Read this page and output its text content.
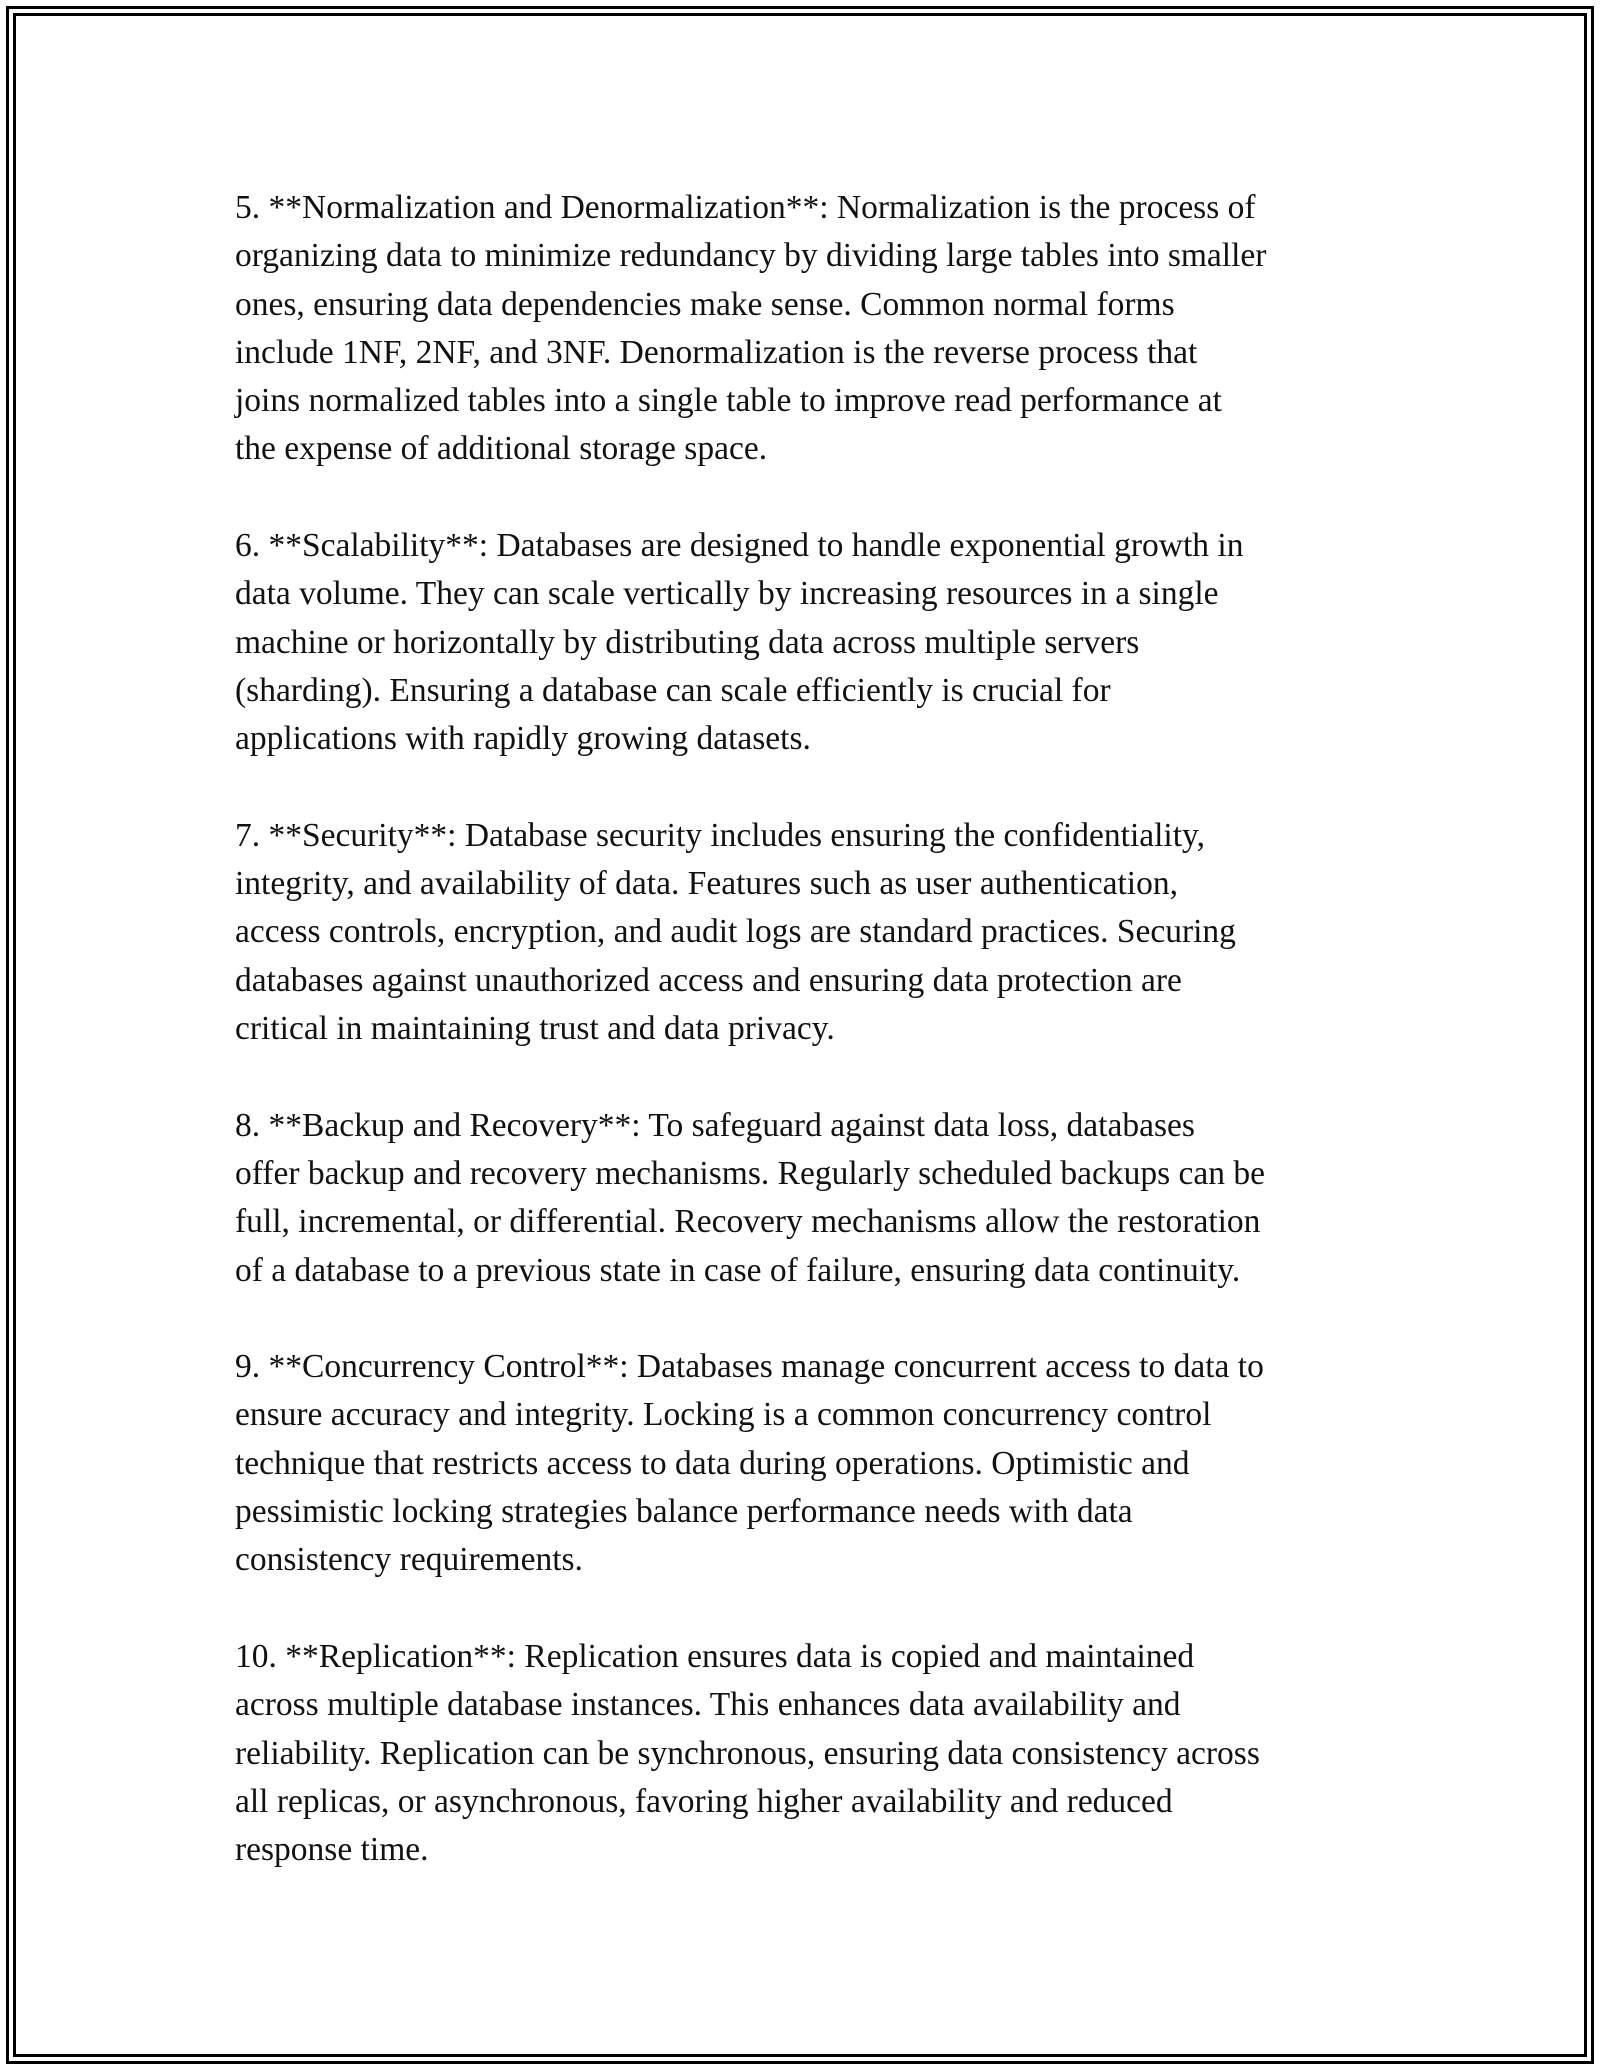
5. **Normalization and Denormalization**: Normalization is the process of
organizing data to minimize redundancy by dividing large tables into smaller
ones, ensuring data dependencies make sense. Common normal forms
include 1NF, 2NF, and 3NF. Denormalization is the reverse process that
joins normalized tables into a single table to improve read performance at
the expense of additional storage space.

6. **Scalability**: Databases are designed to handle exponential growth in
data volume. They can scale vertically by increasing resources in a single
machine or horizontally by distributing data across multiple servers
(sharding). Ensuring a database can scale efficiently is crucial for
applications with rapidly growing datasets.

7. **Security**: Database security includes ensuring the confidentiality,
integrity, and availability of data. Features such as user authentication,
access controls, encryption, and audit logs are standard practices. Securing
databases against unauthorized access and ensuring data protection are
critical in maintaining trust and data privacy.

8. **Backup and Recovery**: To safeguard against data loss, databases
offer backup and recovery mechanisms. Regularly scheduled backups can be
full, incremental, or differential. Recovery mechanisms allow the restoration
of a database to a previous state in case of failure, ensuring data continuity.

9. **Concurrency Control**: Databases manage concurrent access to data to
ensure accuracy and integrity. Locking is a common concurrency control
technique that restricts access to data during operations. Optimistic and
pessimistic locking strategies balance performance needs with data
consistency requirements.

10. **Replication**: Replication ensures data is copied and maintained
across multiple database instances. This enhances data availability and
reliability. Replication can be synchronous, ensuring data consistency across
all replicas, or asynchronous, favoring higher availability and reduced
response time.
